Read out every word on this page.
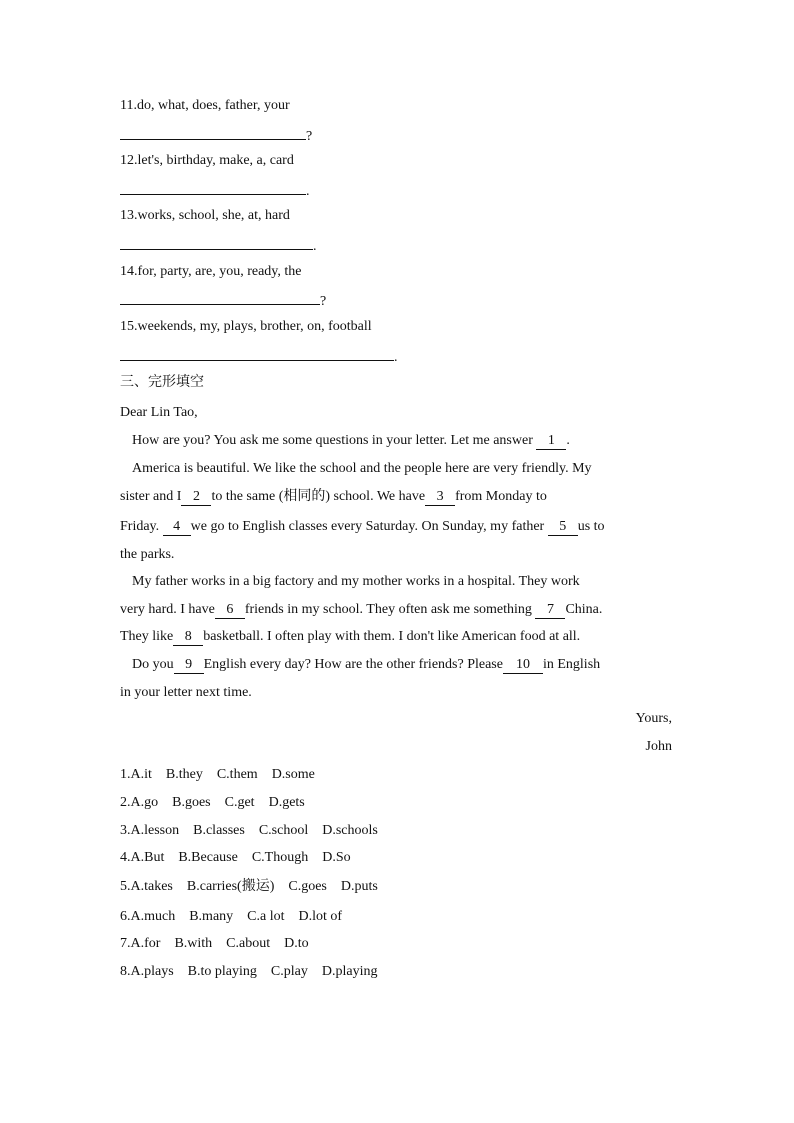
11.do, what, does, father, your
?
12.let's, birthday, make, a, card
.
13.works, school, she, at, hard
.
14.for, party, are, you, ready, the
?
15.weekends, my, plays, brother, on, football
.
三、完形填空
Dear Lin Tao,
How are you? You ask me some questions in your letter. Let me answer 1 .
America is beautiful. We like the school and the people here are very friendly. My
sister and I 2 to the same (相同的) school. We have 3 from Monday to
Friday. 4 we go to English classes every Saturday. On Sunday, my father 5 us to
the parks.
My father works in a big factory and my mother works in a hospital. They work
very hard. I have 6 friends in my school. They often ask me something 7 China.
They like 8 basketball. I often play with them. I don't like American food at all.
Do you 9 English every day? How are the other friends? Please 10 in English
in your letter next time.
Yours,
John
1.A.it B.they C.them D.some
2.A.go B.goes C.get D.gets
3.A.lesson B.classes C.school D.schools
4.A.But B.Because C.Though D.So
5.A.takes B.carries(搬运) C.goes D.puts
6.A.much B.many C.a lot D.lot of
7.A.for B.with C.about D.to
8.A.plays B.to playing C.play D.playing
